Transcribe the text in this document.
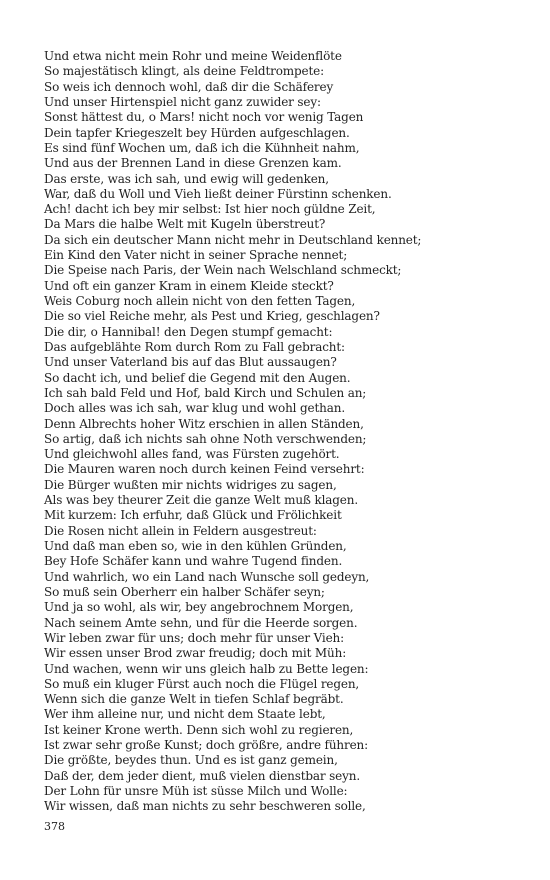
Und etwa nicht mein Rohr und meine Weidenflöte
So majestätisch klingt, als deine Feldtrompete:
So weis ich dennoch wohl, daß dir die Schäferey
Und unser Hirtenspiel nicht ganz zuwider sey:
Sonst hättest du, o Mars! nicht noch vor wenig Tagen
Dein tapfer Kriegeszelt bey Hürden aufgeschlagen.
Es sind fünf Wochen um, daß ich die Kühnheit nahm,
Und aus der Brennen Land in diese Grenzen kam.
Das erste, was ich sah, und ewig will gedenken,
War, daß du Woll und Vieh ließt deiner Fürstinn schenken.
Ach! dacht ich bey mir selbst: Ist hier noch güldne Zeit,
Da Mars die halbe Welt mit Kugeln überstreut?
Da sich ein deutscher Mann nicht mehr in Deutschland kennet;
Ein Kind den Vater nicht in seiner Sprache nennet;
Die Speise nach Paris, der Wein nach Welschland schmeckt;
Und oft ein ganzer Kram in einem Kleide steckt?
Weis Coburg noch allein nicht von den fetten Tagen,
Die so viel Reiche mehr, als Pest und Krieg, geschlagen?
Die dir, o Hannibal! den Degen stumpf gemacht:
Das aufgeblähte Rom durch Rom zu Fall gebracht:
Und unser Vaterland bis auf das Blut aussaugen?
So dacht ich, und belief die Gegend mit den Augen.
Ich sah bald Feld und Hof, bald Kirch und Schulen an;
Doch alles was ich sah, war klug und wohl gethan.
Denn Albrechts hoher Witz erschien in allen Ständen,
So artig, daß ich nichts sah ohne Noth verschwenden;
Und gleichwohl alles fand, was Fürsten zugehört.
Die Mauren waren noch durch keinen Feind versehrt:
Die Bürger wußten mir nichts widriges zu sagen,
Als was bey theurer Zeit die ganze Welt muß klagen.
Mit kurzem: Ich erfuhr, daß Glück und Frölichkeit
Die Rosen nicht allein in Feldern ausgestreut:
Und daß man eben so, wie in den kühlen Gründen,
Bey Hofe Schäfer kann und wahre Tugend finden.
Und wahrlich, wo ein Land nach Wunsche soll gedeyn,
So muß sein Oberherr ein halber Schäfer seyn;
Und ja so wohl, als wir, bey angebrochnem Morgen,
Nach seinem Amte sehn, und für die Heerde sorgen.
Wir leben zwar für uns; doch mehr für unser Vieh:
Wir essen unser Brod zwar freudig; doch mit Müh:
Und wachen, wenn wir uns gleich halb zu Bette legen:
So muß ein kluger Fürst auch noch die Flügel regen,
Wenn sich die ganze Welt in tiefen Schlaf begräbt.
Wer ihm alleine nur, und nicht dem Staate lebt,
Ist keiner Krone werth. Denn sich wohl zu regieren,
Ist zwar sehr große Kunst; doch größre, andre führen:
Die größte, beydes thun. Und es ist ganz gemein,
Daß der, dem jeder dient, muß vielen dienstbar seyn.
Der Lohn für unsre Müh ist süsse Milch und Wolle:
Wir wissen, daß man nichts zu sehr beschweren solle,
378
